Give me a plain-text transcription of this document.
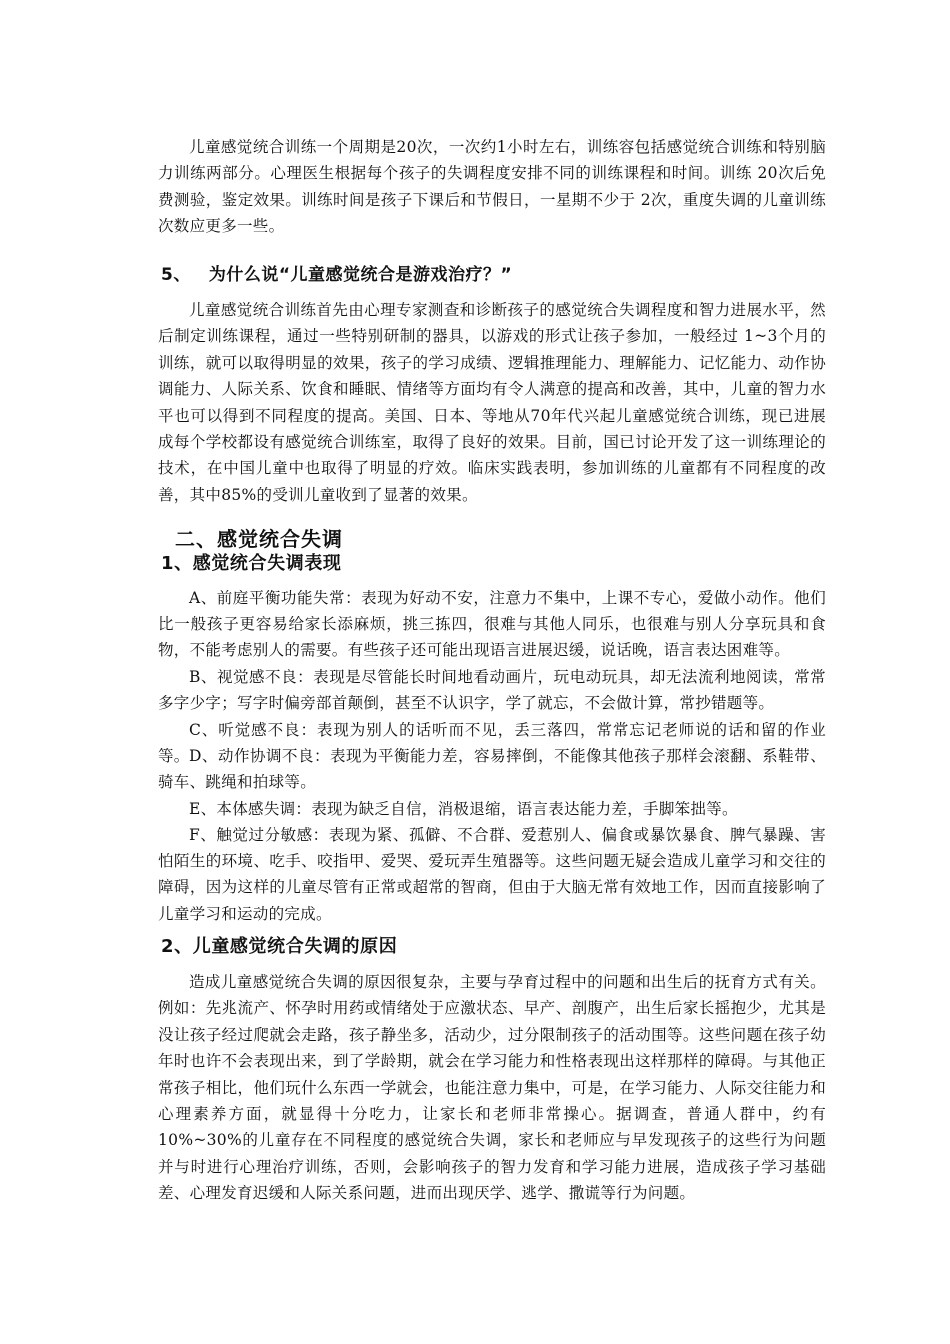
儿童感觉统合训练一个周期是20次，一次约1小时左右，训练容包括感觉统合训练和特别脑力训练两部分。心理医生根据每个孩子的失调程度安排不同的训练课程和时间。训练 20次后免费测验，鉴定效果。训练时间是孩子下课后和节假日，一星期不少于 2次，重度失调的儿童训练次数应更多一些。

5、 为什么说“儿童感觉统合是游戏治疗？”

儿童感觉统合训练首先由心理专家测查和诊断孩子的感觉统合失调程度和智力进展水平，然后制定训练课程，通过一些特别研制的器具，以游戏的形式让孩子参加，一般经过 1~3个月的训练，就可以取得明显的效果，孩子的学习成绩、逻辑推理能力、理解能力、记忆能力、动作协调能力、人际关系、饮食和睡眠、情绪等方面均有令人满意的提高和改善，其中，儿童的智力水平也可以得到不同程度的提高。美国、日本、等地从70年代兴起儿童感觉统合训练，现已进展成每个学校都设有感觉统合训练室，取得了良好的效果。目前，国已讨论开发了这一训练理论的技术，在中国儿童中也取得了明显的疗效。临床实践表明，参加训练的儿童都有不同程度的改善，其中85%的受训儿童收到了显著的效果。

二、感觉统合失调
1、感觉统合失调表现

A、前庭平衡功能失常：表现为好动不安，注意力不集中，上课不专心，爱做小动作。他们比一般孩子更容易给家长添麻烦，挑三拣四，很难与其他人同乐，也很难与别人分享玩具和食物，不能考虑别人的需要。有些孩子还可能出现语言进展迟缓，说话晚，语言表达困难等。

B、视觉感不良：表现是尽管能长时间地看动画片，玩电动玩具，却无法流利地阅读，常常多字少字；写字时偏旁部首颠倒，甚至不认识字，学了就忘，不会做计算，常抄错题等。

C、听觉感不良：表现为别人的话听而不见，丢三落四，常常忘记老师说的话和留的作业等。 D、动作协调不良：表现为平衡能力差，容易摔倒，不能像其他孩子那样会滚翻、系鞋带、骑车、跳绳和拍球等。

E、本体感失调：表现为缺乏自信，消极退缩，语言表达能力差，手脚笨拙等。

F、触觉过分敏感：表现为紧、孤僻、不合群、爱惹别人、偏食或暴饮暴食、脾气暴躁、害怕陌生的环境、吃手、咬指甲、爱哭、爱玩弄生殖器等。这些问题无疑会造成儿童学习和交往的障碍，因为这样的儿童尽管有正常或超常的智商，但由于大脑无常有效地工作，因而直接影响了儿童学习和运动的完成。

2、儿童感觉统合失调的原因

造成儿童感觉统合失调的原因很复杂，主要与孕育过程中的问题和出生后的抚育方式有关。例如：先兆流产、怀孕时用药或情绪处于应激状态、早产、剖腹产，出生后家长摇抱少，尤其是没让孩子经过爬就会走路，孩子静坐多，活动少，过分限制孩子的活动围等。这些问题在孩子幼年时也许不会表现出来，到了学龄期，就会在学习能力和性格表现出这样那样的障碍。与其他正常孩子相比，他们玩什么东西一学就会，也能注意力集中，可是，在学习能力、人际交往能力和心理素养方面，就显得十分吃力，让家长和老师非常操心。据调查，普通人群中，约有10%~30%的儿童存在不同程度的感觉统合失调，家长和老师应与早发现孩子的这些行为问题并与时进行心理治疗训练，否则，会影响孩子的智力发育和学习能力进展，造成孩子学习基础差、心理发育迟缓和人际关系问题，进而出现厌学、逃学、撒谎等行为问题。
